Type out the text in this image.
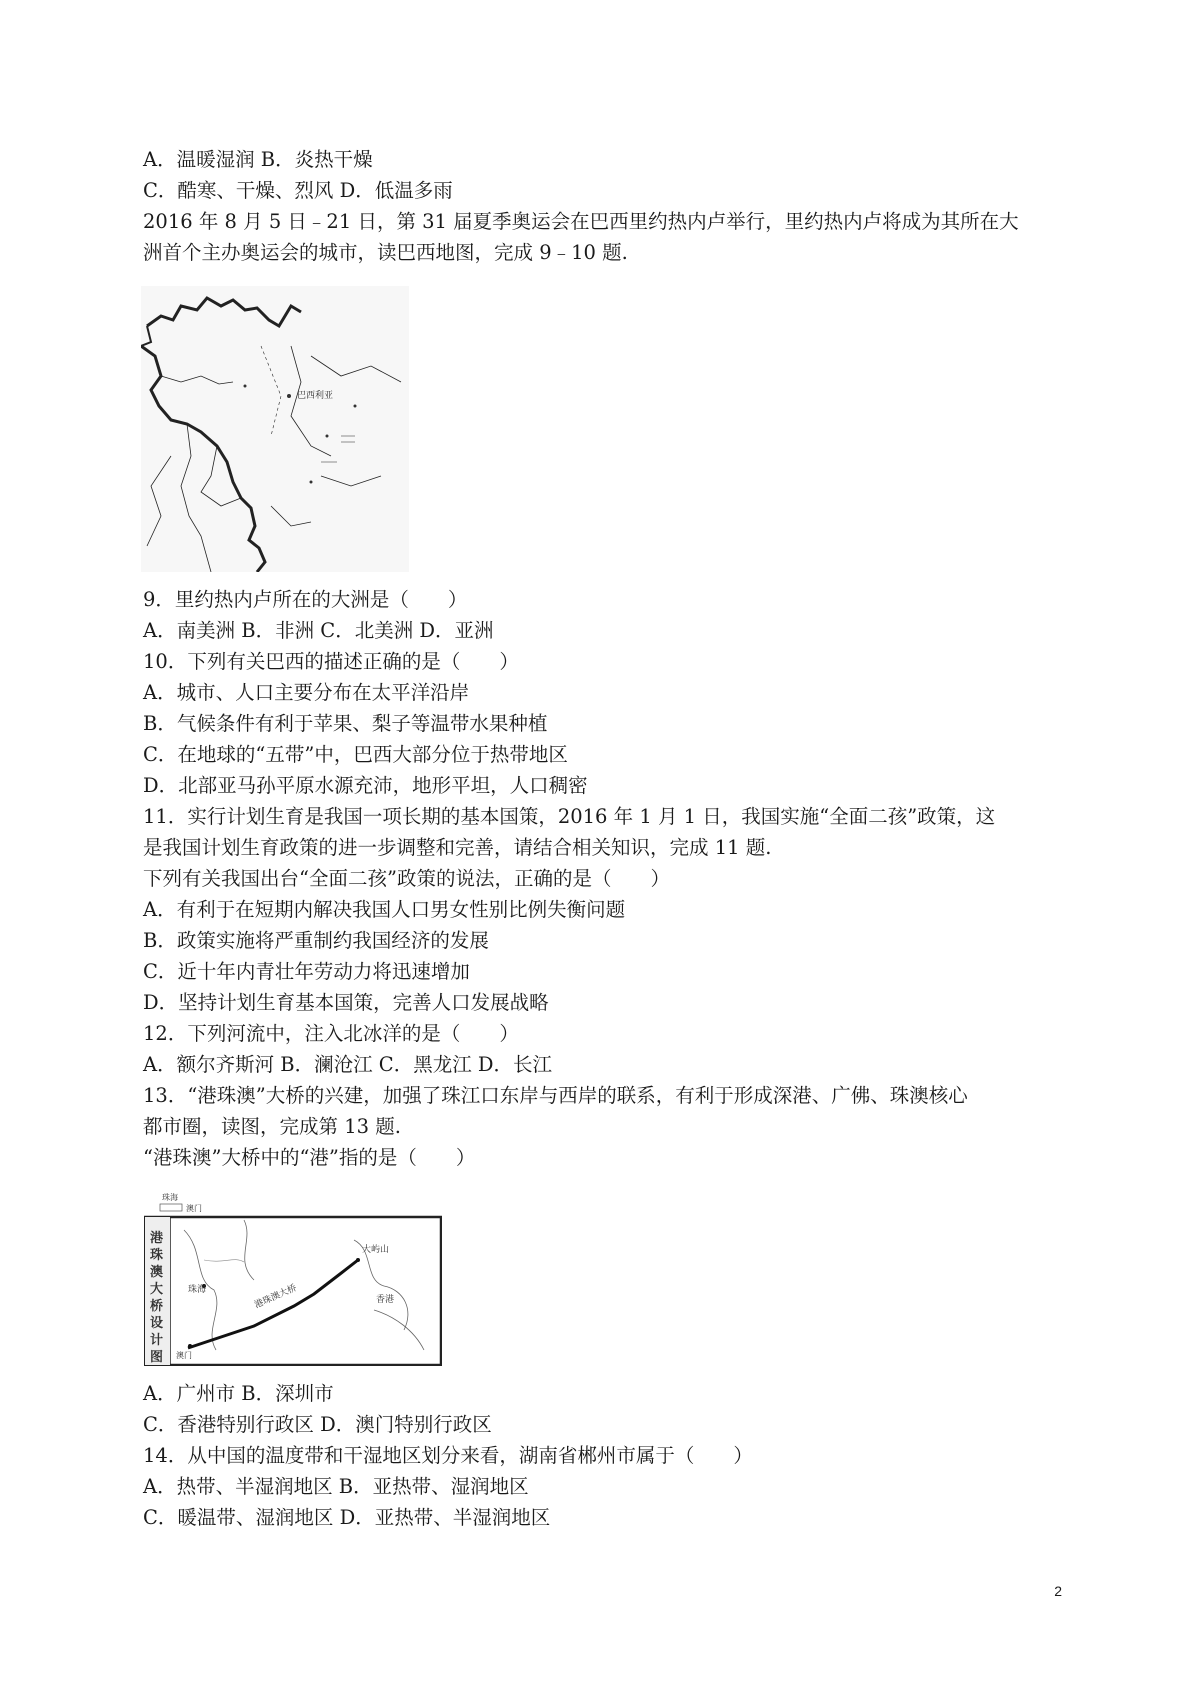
A．温暖湿润 B．炎热干燥
C．酷寒、干燥、烈风 D．低温多雨
2016 年 8 月 5 日﹣21 日，第 31 届夏季奥运会在巴西里约热内卢举行，里约热内卢将成为其所在大
洲首个主办奥运会的城市，读巴西地图，完成 9﹣10 题.
巴西利亚
9．里约热内卢所在的大洲是（　　）
A．南美洲 B．非洲 C．北美洲 D．亚洲
10．下列有关巴西的描述正确的是（　　）
A．城市、人口主要分布在太平洋沿岸
B．气候条件有利于苹果、梨子等温带水果种植
C．在地球的“五带”中，巴西大部分位于热带地区
D．北部亚马孙平原水源充沛，地形平坦，人口稠密
11．实行计划生育是我国一项长期的基本国策，2016 年 1 月 1 日，我国实施“全面二孩”政策，这
是我国计划生育政策的进一步调整和完善，请结合相关知识，完成 11 题.
下列有关我国出台“全面二孩”政策的说法，正确的是（　　）
A．有利于在短期内解决我国人口男女性别比例失衡问题
B．政策实施将严重制约我国经济的发展
C．近十年内青壮年劳动力将迅速增加
D．坚持计划生育基本国策，完善人口发展战略
12．下列河流中，注入北冰洋的是（　　）
A．额尔齐斯河 B．澜沧江 C．黑龙江 D．长江
13．“港珠澳”大桥的兴建，加强了珠江口东岸与西岸的联系，有利于形成深港、广佛、珠澳核心
都市圈，读图，完成第 13 题.
“港珠澳”大桥中的“港”指的是（　　）
珠海
澳门
港珠澳大桥设计图
珠海	港珠澳大桥
大屿山
香港
澳门
A．广州市 B．深圳市
C．香港特别行政区 D．澳门特别行政区
14．从中国的温度带和干湿地区划分来看，湖南省郴州市属于（　　）
A．热带、半湿润地区 B．亚热带、湿润地区
C．暖温带、湿润地区 D．亚热带、半湿润地区
2
